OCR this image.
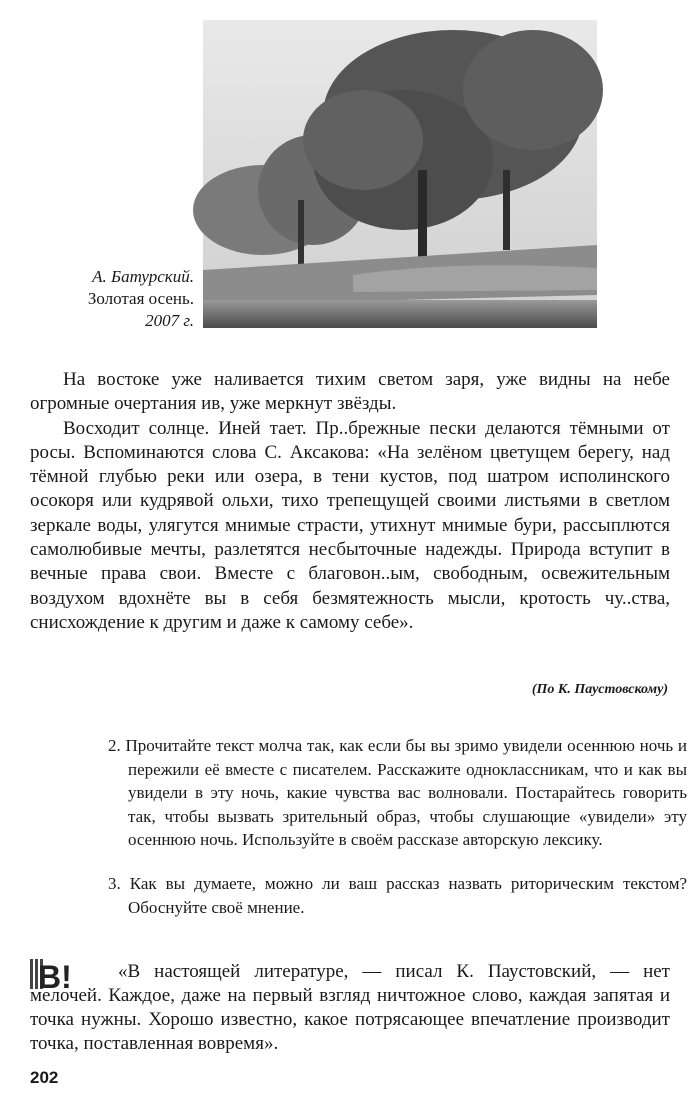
А. Батурский.
Золотая осень.
2007 г.

На востоке уже наливается тихим светом заря, уже видны на небе огромные очертания ив, уже меркнут звёзды.

Восходит солнце. Иней тает. Пр..брежные пески делаются тёмными от росы. Вспоминаются слова С. Аксакова: «На зелёном цветущем берегу, над тёмной глубью реки или озера, в тени кустов, под шатром исполинского осокоря или кудрявой ольхи, тихо трепещущей своими листьями в светлом зеркале воды, улягутся мнимые страсти, утихнут мнимые бури, рассыплются самолюбивые мечты, разлетятся несбыточные надежды. Природа вступит в вечные права свои. Вместе с благовон..ым, свободным, освежительным воздухом вдохнёте вы в себя безмятежность мысли, кротость чу..ства, снисхождение к другим и даже к самому себе».

(По К. Паустовскому)
2. Прочитайте текст молча так, как если бы вы зримо увидели осеннюю ночь и пережили её вместе с писателем. Расскажите одноклассникам, что и как вы увидели в эту ночь, какие чувства вас волновали. Постарайтесь говорить так, чтобы вызвать зрительный образ, чтобы слушающие «увидели» эту осеннюю ночь. Используйте в своём рассказе авторскую лексику.
3. Как вы думаете, можно ли ваш рассказ назвать риторическим текстом? Обоснуйте своё мнение.
B!	«В настоящей литературе, — писал К. Паустовский, — нет мелочей. Каждое, даже на первый взгляд ничтожное слово, каждая запятая и точка нужны. Хорошо известно, какое потрясающее впечатление производит точка, поставленная вовремя».

202
